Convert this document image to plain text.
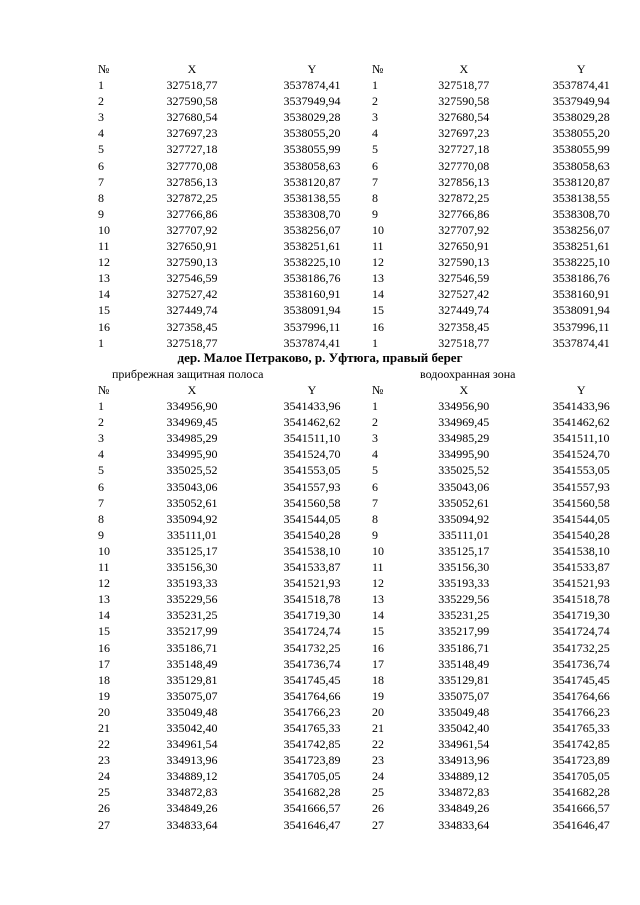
№	X	Y
1	327518,77	3537874,41
2	327590,58	3537949,94
3	327680,54	3538029,28
4	327697,23	3538055,20
5	327727,18	3538055,99
6	327770,08	3538058,63
7	327856,13	3538120,87
8	327872,25	3538138,55
9	327766,86	3538308,70
10	327707,92	3538256,07
11	327650,91	3538251,61
12	327590,13	3538225,10
13	327546,59	3538186,76
14	327527,42	3538160,91
15	327449,74	3538091,94
16	327358,45	3537996,11
1	327518,77	3537874,41
№	X	Y
1	327518,77	3537874,41
2	327590,58	3537949,94
3	327680,54	3538029,28
4	327697,23	3538055,20
5	327727,18	3538055,99
6	327770,08	3538058,63
7	327856,13	3538120,87
8	327872,25	3538138,55
9	327766,86	3538308,70
10	327707,92	3538256,07
11	327650,91	3538251,61
12	327590,13	3538225,10
13	327546,59	3538186,76
14	327527,42	3538160,91
15	327449,74	3538091,94
16	327358,45	3537996,11
1	327518,77	3537874,41
дер. Малое Петраково, р. Уфтюга, правый берег
прибрежная защитная полоса	водоохранная зона
№	X	Y
1	334956,90	3541433,96
2	334969,45	3541462,62
3	334985,29	3541511,10
4	334995,90	3541524,70
5	335025,52	3541553,05
6	335043,06	3541557,93
7	335052,61	3541560,58
8	335094,92	3541544,05
9	335111,01	3541540,28
10	335125,17	3541538,10
11	335156,30	3541533,87
12	335193,33	3541521,93
13	335229,56	3541518,78
14	335231,25	3541719,30
15	335217,99	3541724,74
16	335186,71	3541732,25
17	335148,49	3541736,74
18	335129,81	3541745,45
19	335075,07	3541764,66
20	335049,48	3541766,23
21	335042,40	3541765,33
22	334961,54	3541742,85
23	334913,96	3541723,89
24	334889,12	3541705,05
25	334872,83	3541682,28
26	334849,26	3541666,57
27	334833,64	3541646,47
№	X	Y
1	334956,90	3541433,96
2	334969,45	3541462,62
3	334985,29	3541511,10
4	334995,90	3541524,70
5	335025,52	3541553,05
6	335043,06	3541557,93
7	335052,61	3541560,58
8	335094,92	3541544,05
9	335111,01	3541540,28
10	335125,17	3541538,10
11	335156,30	3541533,87
12	335193,33	3541521,93
13	335229,56	3541518,78
14	335231,25	3541719,30
15	335217,99	3541724,74
16	335186,71	3541732,25
17	335148,49	3541736,74
18	335129,81	3541745,45
19	335075,07	3541764,66
20	335049,48	3541766,23
21	335042,40	3541765,33
22	334961,54	3541742,85
23	334913,96	3541723,89
24	334889,12	3541705,05
25	334872,83	3541682,28
26	334849,26	3541666,57
27	334833,64	3541646,47
